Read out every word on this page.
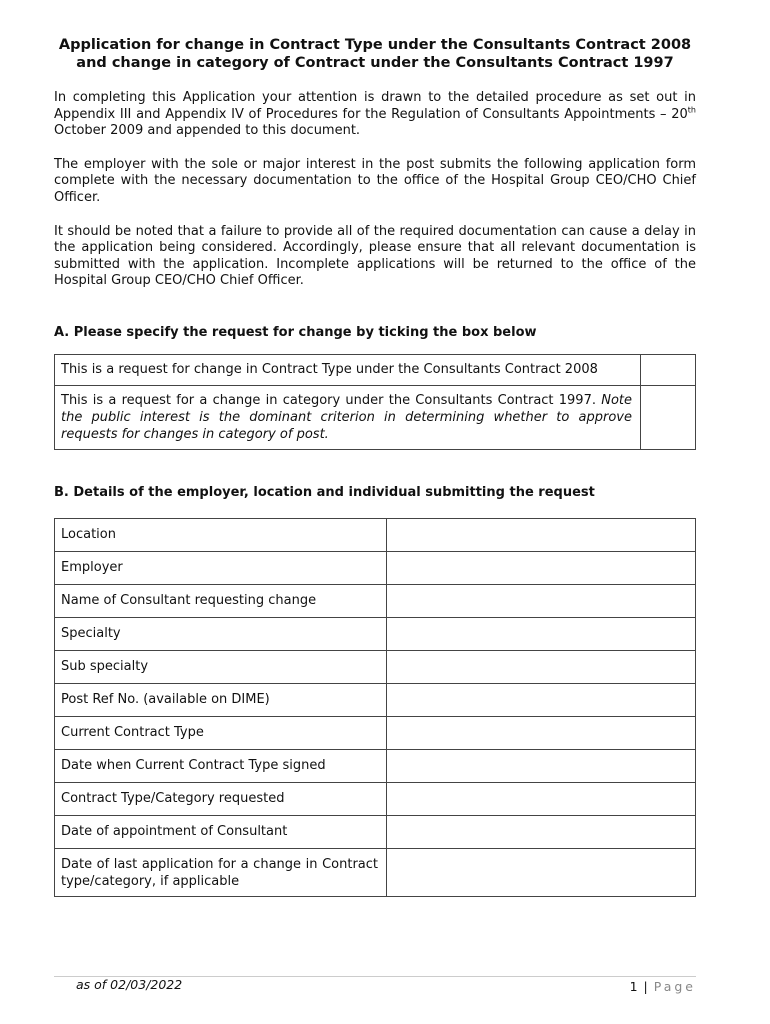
Application for change in Contract Type under the Consultants Contract 2008 and change in category of Contract under the Consultants Contract 1997

In completing this Application your attention is drawn to the detailed procedure as set out in Appendix III and Appendix IV of Procedures for the Regulation of Consultants Appointments – 20th October 2009 and appended to this document.

The employer with the sole or major interest in the post submits the following application form complete with the necessary documentation to the office of the Hospital Group CEO/CHO Chief Officer.

It should be noted that a failure to provide all of the required documentation can cause a delay in the application being considered. Accordingly, please ensure that all relevant documentation is submitted with the application. Incomplete applications will be returned to the office of the Hospital Group CEO/CHO Chief Officer.

A. Please specify the request for change by ticking the box below
This is a request for change in Contract Type under the Consultants Contract 2008	
This is a request for a change in category under the Consultants Contract 1997. Note the public interest is the dominant criterion in determining whether to approve requests for changes in category of post.	
B. Details of the employer, location and individual submitting the request
Location	
Employer	
Name of Consultant requesting change	
Specialty	
Sub specialty	
Post Ref No. (available on DIME)	
Current Contract Type	
Date when Current Contract Type signed	
Contract Type/Category requested	
Date of appointment of Consultant	
Date of last application for a change in Contract type/category, if applicable	
as of 02/03/2022	1 | Page
